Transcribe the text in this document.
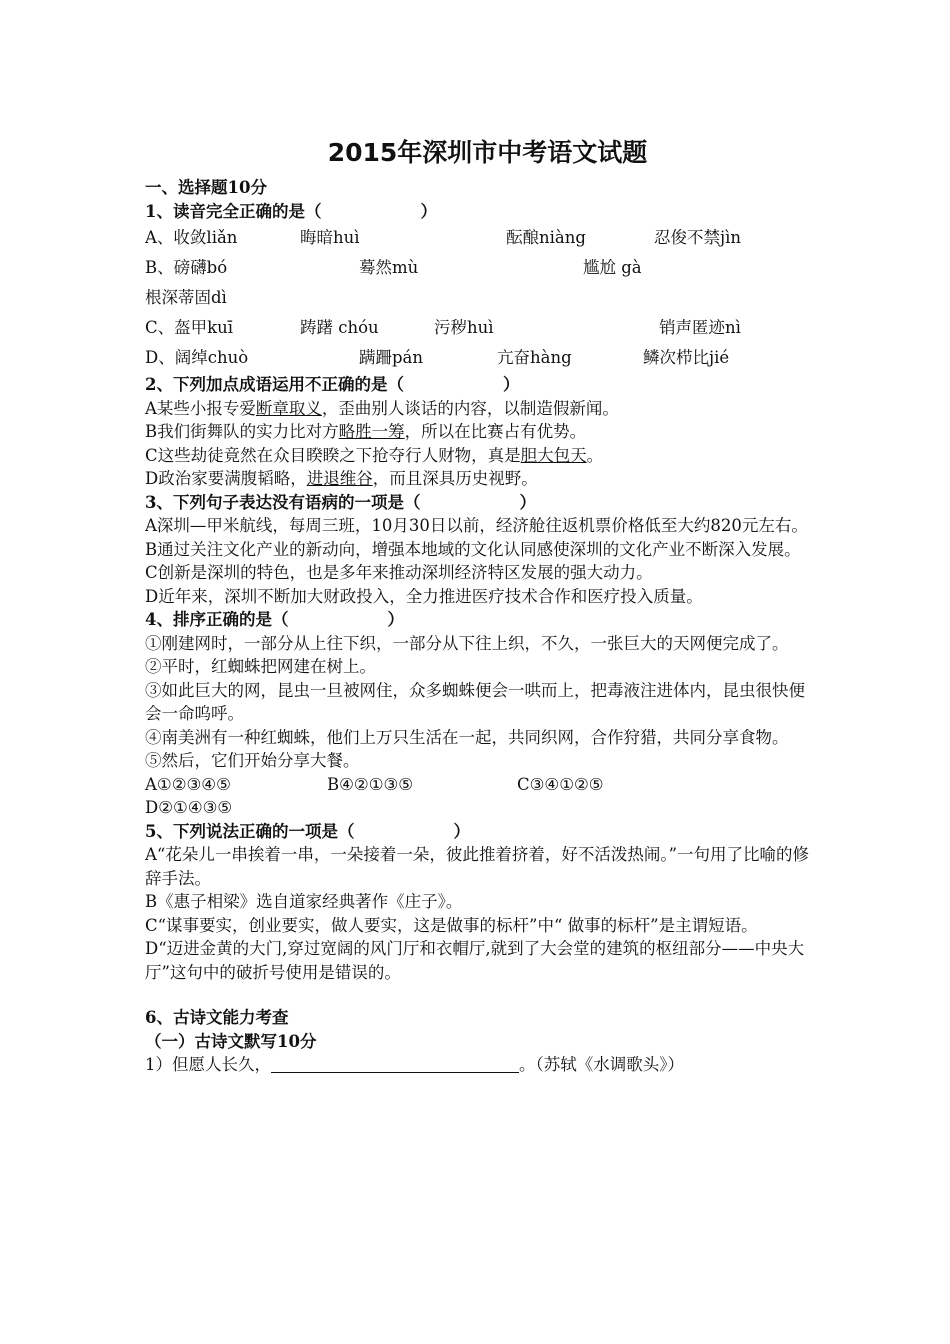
2015年深圳市中考语文试题
一、选择题10分
1、读音完全正确的是（　　　　　　）
A、收敛liǎn	晦暗huì	酝酿niàng	忍俊不禁jìn
B、磅礴bó	蓦然mù	尴尬 gà
根深蒂固dì
C、盔甲kuī	踌躇 chóu	污秽huì	销声匿迹nì
D、阔绰chuò	蹒跚pán	亢奋hàng	鳞次栉比jié
2、下列加点成语运用不正确的是（　　　　　　）
A某些小报专爱断章取义，歪曲别人谈话的内容，以制造假新闻。
B我们街舞队的实力比对方略胜一筹，所以在比赛占有优势。
C这些劫徒竟然在众目睽睽之下抢夺行人财物，真是胆大包天。
D政治家要满腹韬略，进退维谷，而且深具历史视野。
3、下列句子表达没有语病的一项是（　　　　　　）
A深圳—甲米航线，每周三班，10月30日以前，经济舱往返机票价格低至大约820元左右。
B通过关注文化产业的新动向，增强本地域的文化认同感使深圳的文化产业不断深入发展。
C创新是深圳的特色，也是多年来推动深圳经济特区发展的强大动力。
D近年来，深圳不断加大财政投入，全力推进医疗技术合作和医疗投入质量。
4、排序正确的是（　　　　　　）
①刚建网时，一部分从上往下织，一部分从下往上织，不久，一张巨大的天网便完成了。
②平时，红蜘蛛把网建在树上。
③如此巨大的网，昆虫一旦被网住，众多蜘蛛便会一哄而上，把毒液注进体内，昆虫很快便会一命呜呼。
④南美洲有一种红蜘蛛，他们上万只生活在一起，共同织网，合作狩猎，共同分享食物。
⑤然后，它们开始分享大餐。
A①②③④⑤	B④②①③⑤	C③④①②⑤
D②①④③⑤
5、下列说法正确的一项是（　　　　　　）
A“花朵儿一串挨着一串，一朵接着一朵，彼此推着挤着，好不活泼热闹。”一句用了比喻的修辞手法。
B《惠子相梁》选自道家经典著作《庄子》。
C“谋事要实，创业要实，做人要实，这是做事的标杆”中“ 做事的标杆”是主谓短语。
D“迈进金黄的大门,穿过宽阔的风门厅和衣帽厅,就到了大会堂的建筑的枢纽部分——中央大厅”这句中的破折号使用是错误的。
6、古诗文能力考查
（一）古诗文默写10分
1）但愿人长久，	。（苏轼《水调歌头》）
